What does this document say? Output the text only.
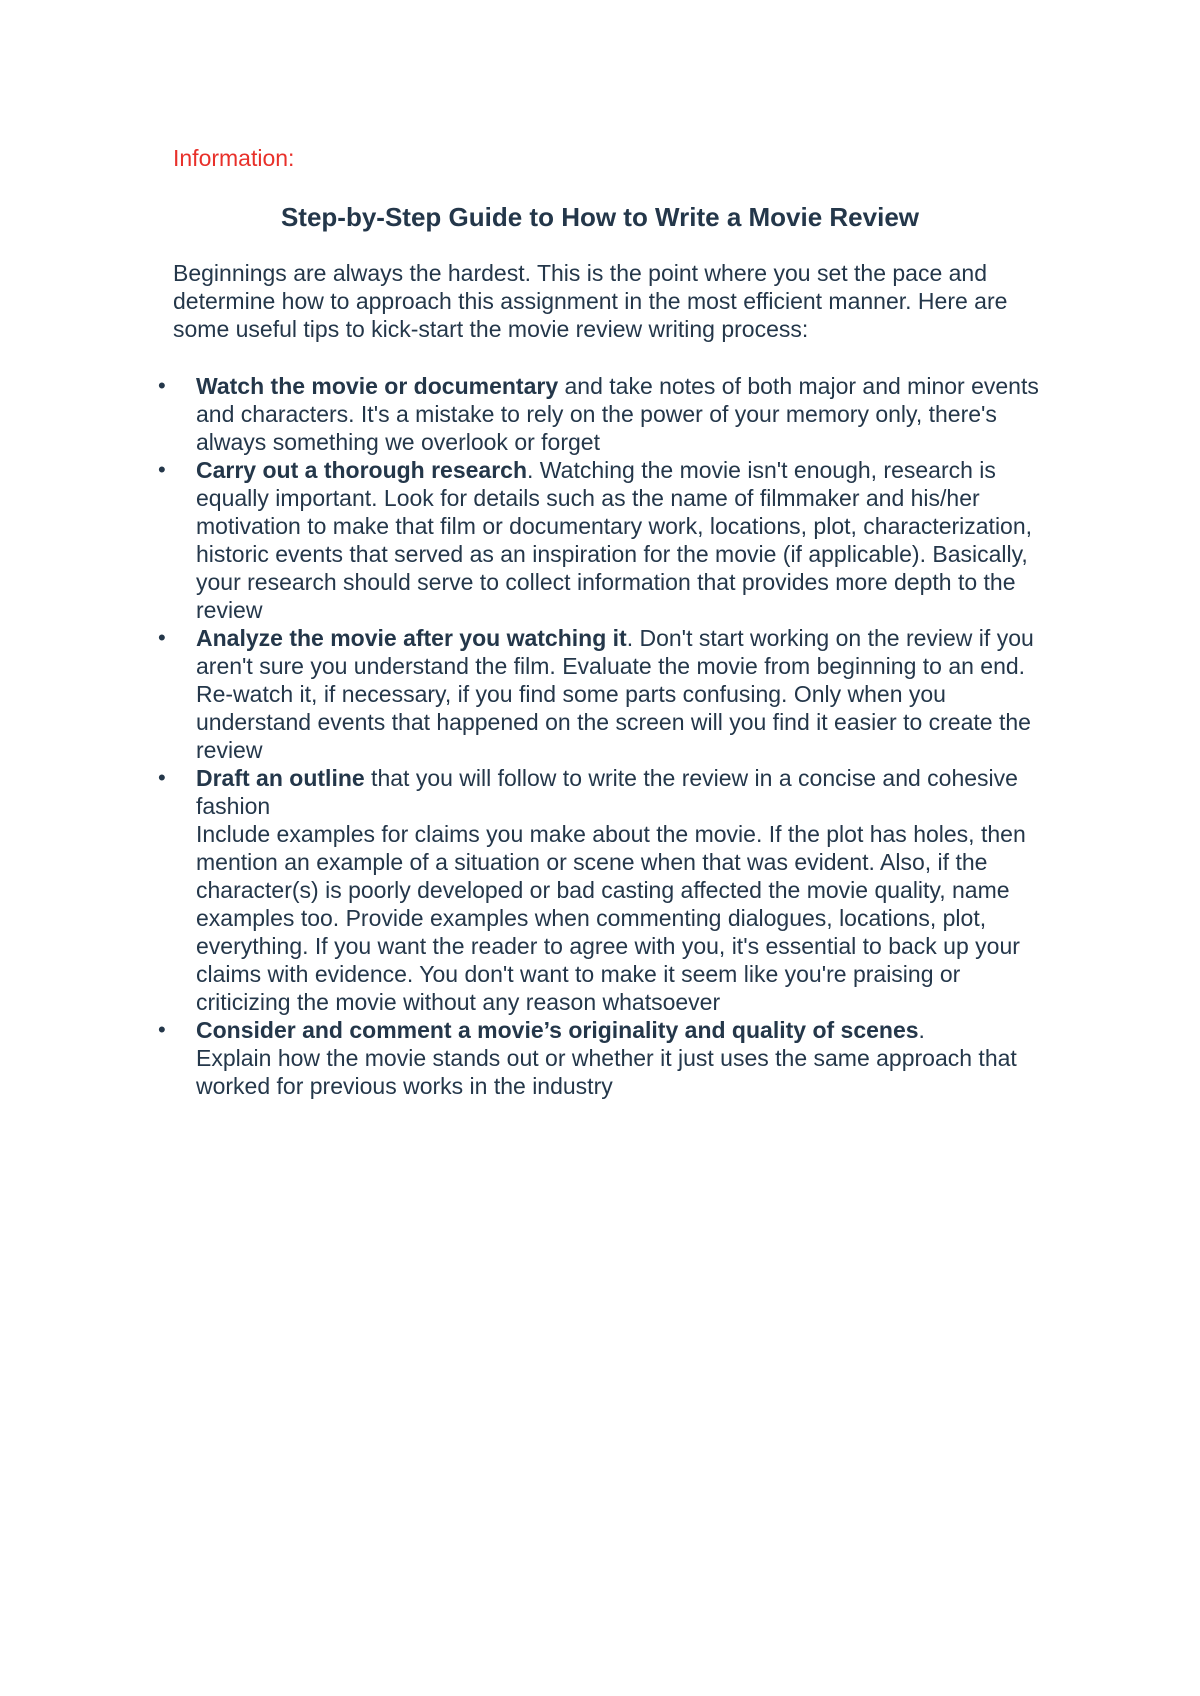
Information:
Step-by-Step Guide to How to Write a Movie Review

Beginnings are always the hardest. This is the point where you set the pace and determine how to approach this assignment in the most efficient manner. Here are some useful tips to kick-start the movie review writing process:

•	Watch the movie or documentary and take notes of both major and minor events and characters. It's a mistake to rely on the power of your memory only, there's always something we overlook or forget
•	Carry out a thorough research. Watching the movie isn't enough, research is equally important. Look for details such as the name of filmmaker and his/her motivation to make that film or documentary work, locations, plot, characterization, historic events that served as an inspiration for the movie (if applicable). Basically, your research should serve to collect information that provides more depth to the review
•	Analyze the movie after you watching it. Don't start working on the review if you aren't sure you understand the film. Evaluate the movie from beginning to an end. Re-watch it, if necessary, if you find some parts confusing. Only when you understand events that happened on the screen will you find it easier to create the review
•	Draft an outline that you will follow to write the review in a concise and cohesive fashion
Include examples for claims you make about the movie. If the plot has holes, then mention an example of a situation or scene when that was evident. Also, if the character(s) is poorly developed or bad casting affected the movie quality, name examples too. Provide examples when commenting dialogues, locations, plot, everything. If you want the reader to agree with you, it's essential to back up your claims with evidence. You don't want to make it seem like you're praising or criticizing the movie without any reason whatsoever
•	Consider and comment a movie’s originality and quality of scenes.
Explain how the movie stands out or whether it just uses the same approach that worked for previous works in the industry
